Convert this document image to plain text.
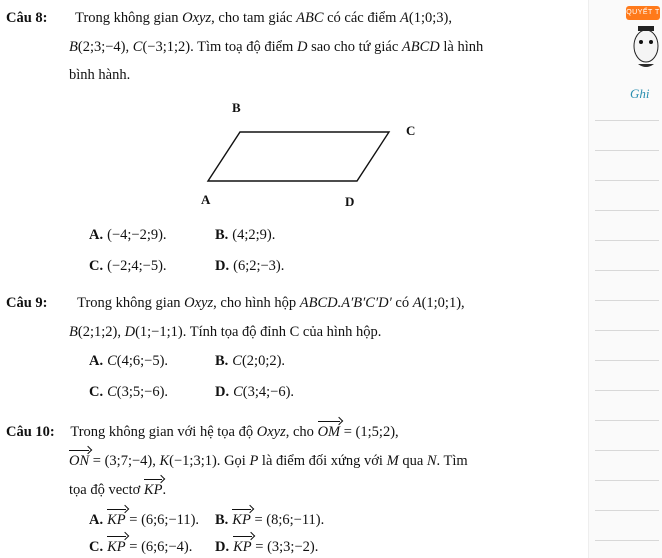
Câu 8: Trong không gian Oxyz, cho tam giác ABC có các điểm A(1;0;3),
B(2;3;−4), C(−3;1;2). Tìm toạ độ điểm D sao cho tứ giác ABCD là hình
bình hành.
B
C
A	D
A. (−4;−2;9).	B. (4;2;9).
C. (−2;4;−5).	D. (6;2;−3).
Câu 9: Trong không gian Oxyz, cho hình hộp ABCD.A′B′C′D′ có A(1;0;1),
B(2;1;2), D(1;−1;1). Tính tọa độ đỉnh C của hình hộp.
A. C(4;6;−5).	B. C(2;0;2).
C. C(3;5;−6).	D. C(3;4;−6).
Câu 10: Trong không gian với hệ tọa độ Oxyz, cho OM = (1;5;2),
ON = (3;7;−4), K(−1;3;1). Gọi P là điểm đối xứng với M qua N. Tìm
tọa độ vectơ KP.
A. KP = (6;6;−11). B. KP = (8;6;−11).
C. KP = (6;6;−4). D. KP = (3;3;−2).
QUYẾT T
Ghi
